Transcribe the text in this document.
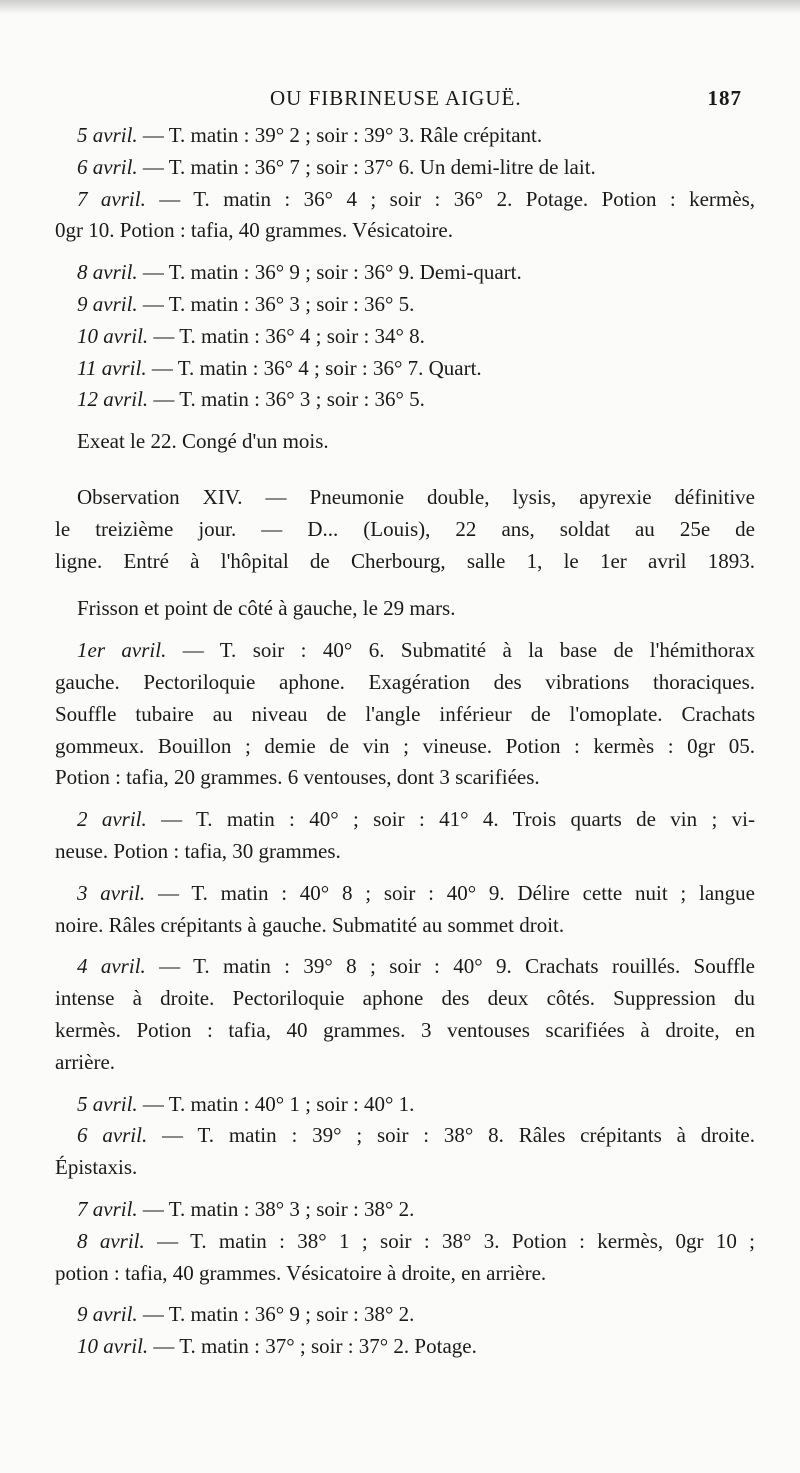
OU FIBRINEUSE AIGUË.	187
5 avril. — T. matin : 39° 2 ; soir : 39° 3. Râle crépitant.
6 avril. — T. matin : 36° 7 ; soir : 37° 6. Un demi-litre de lait.
7 avril. — T. matin : 36° 4 ; soir : 36° 2. Potage. Potion : kermès,
0gr 10. Potion : tafia, 40 grammes. Vésicatoire.
8 avril. — T. matin : 36° 9 ; soir : 36° 9. Demi-quart.
9 avril. — T. matin : 36° 3 ; soir : 36° 5.
10 avril. — T. matin : 36° 4 ; soir : 34° 8.
11 avril. — T. matin : 36° 4 ; soir : 36° 7. Quart.
12 avril. — T. matin : 36° 3 ; soir : 36° 5.
Exeat le 22. Congé d'un mois.
Observation XIV. — Pneumonie double, lysis, apyrexie définitive
le treizième jour. — D... (Louis), 22 ans, soldat au 25e de
ligne. Entré à l'hôpital de Cherbourg, salle 1, le 1er avril 1893.
Frisson et point de côté à gauche, le 29 mars.
1er avril. — T. soir : 40° 6. Submatité à la base de l'hémithorax
gauche. Pectoriloquie aphone. Exagération des vibrations thoraciques.
Souffle tubaire au niveau de l'angle inférieur de l'omoplate. Crachats
gommeux. Bouillon ; demie de vin ; vineuse. Potion : kermès : 0gr 05.
Potion : tafia, 20 grammes. 6 ventouses, dont 3 scarifiées.
2 avril. — T. matin : 40° ; soir : 41° 4. Trois quarts de vin ; vi-
neuse. Potion : tafia, 30 grammes.
3 avril. — T. matin : 40° 8 ; soir : 40° 9. Délire cette nuit ; langue
noire. Râles crépitants à gauche. Submatité au sommet droit.
4 avril. — T. matin : 39° 8 ; soir : 40° 9. Crachats rouillés. Souffle
intense à droite. Pectoriloquie aphone des deux côtés. Suppression du
kermès. Potion : tafia, 40 grammes. 3 ventouses scarifiées à droite, en
arrière.
5 avril. — T. matin : 40° 1 ; soir : 40° 1.
6 avril. — T. matin : 39° ; soir : 38° 8. Râles crépitants à droite.
Épistaxis.
7 avril. — T. matin : 38° 3 ; soir : 38° 2.
8 avril. — T. matin : 38° 1 ; soir : 38° 3. Potion : kermès, 0gr 10 ;
potion : tafia, 40 grammes. Vésicatoire à droite, en arrière.
9 avril. — T. matin : 36° 9 ; soir : 38° 2.
10 avril. — T. matin : 37° ; soir : 37° 2. Potage.
